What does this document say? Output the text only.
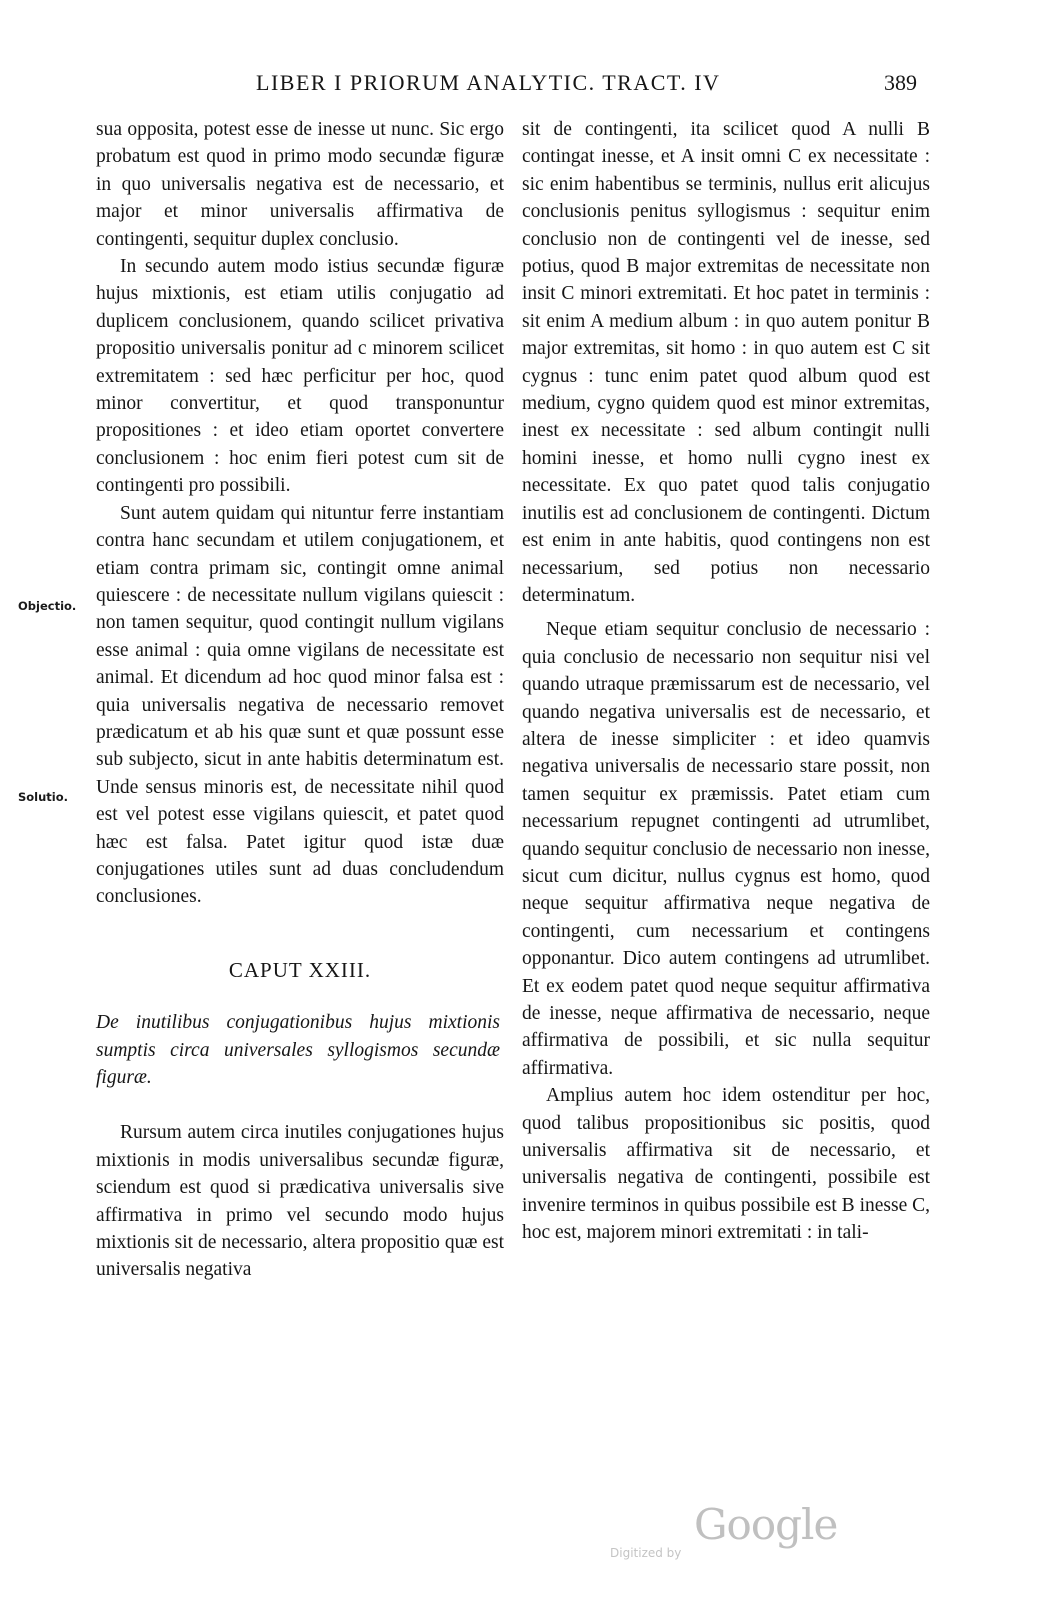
LIBER I PRIORUM ANALYTIC. TRACT. IV	389
Objectio.
Solutio.

sua opposita, potest esse de inesse ut nunc. Sic ergo probatum est quod in primo modo secundæ figuræ in quo universalis negativa est de necessario, et major et minor universalis affirmativa de contingenti, sequitur duplex conclusio.

In secundo autem modo istius secundæ figuræ hujus mixtionis, est etiam utilis conjugatio ad duplicem conclusionem, quando scilicet privativa propositio universalis ponitur ad c minorem scilicet extremitatem : sed hæc perficitur per hoc, quod minor convertitur, et quod transponuntur propositiones : et ideo etiam oportet convertere conclusionem : hoc enim fieri potest cum sit de contingenti pro possibili.

Sunt autem quidam qui nituntur ferre instantiam contra hanc secundam et utilem conjugationem, et etiam contra primam sic, contingit omne animal quiescere : de necessitate nullum vigilans quiescit : non tamen sequitur, quod contingit nullum vigilans esse animal : quia omne vigilans de necessitate est animal. Et dicendum ad hoc quod minor falsa est : quia universalis negativa de necessario removet prædicatum et ab his quæ sunt et quæ possunt esse sub subjecto, sicut in ante habitis determinatum est. Unde sensus minoris est, de necessitate nihil quod est vel potest esse vigilans quiescit, et patet quod hæc est falsa. Patet igitur quod istæ duæ conjugationes utiles sunt ad duas concludendum conclusiones.

CAPUT XXIII.

De inutilibus conjugationibus hujus mixtionis sumptis circa universales syllogismos secundæ figuræ.

Rursum autem circa inutiles conjugationes hujus mixtionis in modis universalibus secundæ figuræ, sciendum est quod si prædicativa universalis sive affirmativa in primo vel secundo modo hujus mixtionis sit de necessario, altera propositio quæ est universalis negativa

sit de contingenti, ita scilicet quod A nulli B contingat inesse, et A insit omni C ex necessitate : sic enim habentibus se terminis, nullus erit alicujus conclusionis penitus syllogismus : sequitur enim conclusio non de contingenti vel de inesse, sed potius, quod B major extremitas de necessitate non insit C minori extremitati. Et hoc patet in terminis : sit enim A medium album : in quo autem ponitur B major extremitas, sit homo : in quo autem est C sit cygnus : tunc enim patet quod album quod est medium, cygno quidem quod est minor extremitas, inest ex necessitate : sed album contingit nulli homini inesse, et homo nulli cygno inest ex necessitate. Ex quo patet quod talis conjugatio inutilis est ad conclusionem de contingenti. Dictum est enim in ante habitis, quod contingens non est necessarium, sed potius non necessario determinatum.

Neque etiam sequitur conclusio de necessario : quia conclusio de necessario non sequitur nisi vel quando utraque præmissarum est de necessario, vel quando negativa universalis est de necessario, et altera de inesse simpliciter : et ideo quamvis negativa universalis de necessario stare possit, non tamen sequitur ex præmissis. Patet etiam cum necessarium repugnet contingenti ad utrumlibet, quando sequitur conclusio de necessario non inesse, sicut cum dicitur, nullus cygnus est homo, quod neque sequitur affirmativa neque negativa de contingenti, cum necessarium et contingens opponantur. Dico autem contingens ad utrumlibet. Et ex eodem patet quod neque sequitur affirmativa de inesse, neque affirmativa de necessario, neque affirmativa de possibili, et sic nulla sequitur affirmativa.

Amplius autem hoc idem ostenditur per hoc, quod talibus propositionibus sic positis, quod universalis affirmativa sit de necessario, et universalis negativa de contingenti, possibile est invenire terminos in quibus possibile est B inesse C, hoc est, majorem minori extremitati : in tali-

Digitized by
Google
